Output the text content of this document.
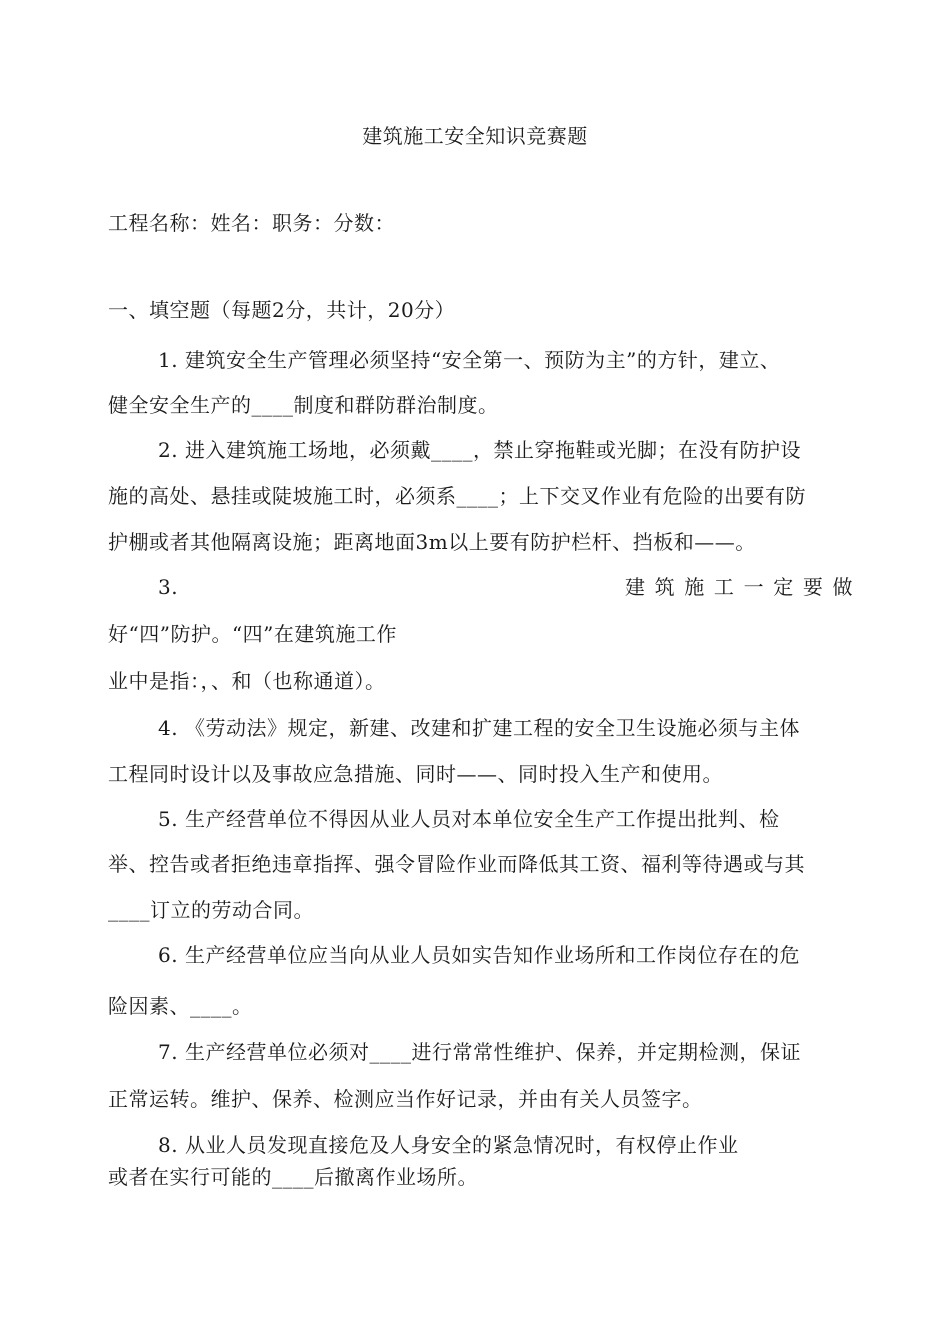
建筑施工安全知识竞赛题
工程名称：姓名：职务：分数：
一、填空题（每题2分，共计，20分）
1. 建筑安全生产管理必须坚持“安全第一、预防为主”的方针，建立、
健全安全生产的____制度和群防群治制度。
2. 进入建筑施工场地，必须戴____，禁止穿拖鞋或光脚；在没有防护设
施的高处、悬挂或陡坡施工时，必须系____；上下交叉作业有危险的出要有防
护棚或者其他隔离设施；距离地面3m以上要有防护栏杆、挡板和——。
3.	建 筑 施 工 一 定 要 做
好“四”防护。“四”在建筑施工作
业中是指：，、和（也称通道）。
4. 《劳动法》规定，新建、改建和扩建工程的安全卫生设施必须与主体
工程同时设计以及事故应急措施、同时——、同时投入生产和使用。
5. 生产经营单位不得因从业人员对本单位安全生产工作提出批判、检
举、控告或者拒绝违章指挥、强令冒险作业而降低其工资、福利等待遇或与其
____订立的劳动合同。
6. 生产经营单位应当向从业人员如实告知作业场所和工作岗位存在的危
险因素、____。
7. 生产经营单位必须对____进行常常性维护、保养，并定期检测，保证
正常运转。维护、保养、检测应当作好记录，并由有关人员签字。
8. 从业人员发现直接危及人身安全的紧急情况时，有权停止作业
或者在实行可能的____后撤离作业场所。
